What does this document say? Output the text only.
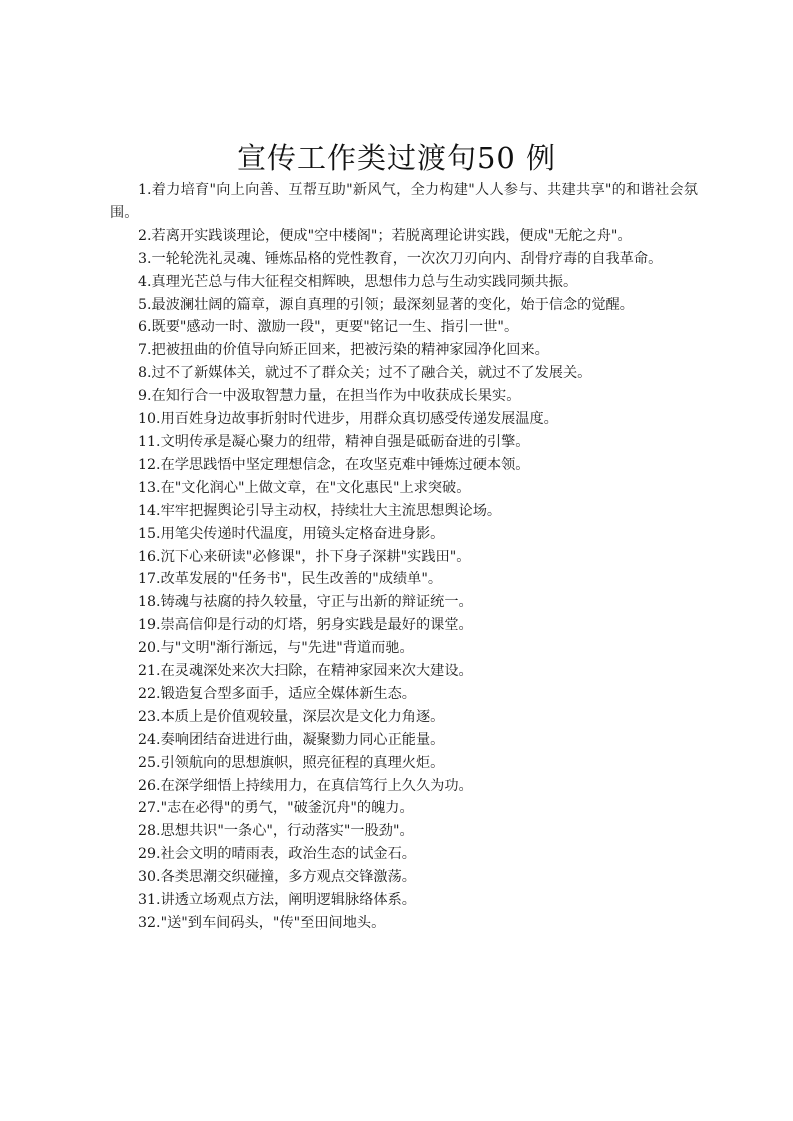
宣传工作类过渡句50 例

1.着力培育"向上向善、互帮互助"新风气，全力构建"人人参与、共建共享"的和谐社会氛围。

2.若离开实践谈理论，便成"空中楼阁"；若脱离理论讲实践，便成"无舵之舟"。

3.一轮轮洗礼灵魂、锤炼品格的党性教育，一次次刀刃向内、刮骨疗毒的自我革命。

4.真理光芒总与伟大征程交相辉映，思想伟力总与生动实践同频共振。

5.最波澜壮阔的篇章，源自真理的引领；最深刻显著的变化，始于信念的觉醒。

6.既要"感动一时、激励一段"，更要"铭记一生、指引一世"。

7.把被扭曲的价值导向矫正回来，把被污染的精神家园净化回来。

8.过不了新媒体关，就过不了群众关；过不了融合关，就过不了发展关。

9.在知行合一中汲取智慧力量，在担当作为中收获成长果实。

10.用百姓身边故事折射时代进步，用群众真切感受传递发展温度。

11.文明传承是凝心聚力的纽带，精神自强是砥砺奋进的引擎。

12.在学思践悟中坚定理想信念，在攻坚克难中锤炼过硬本领。

13.在"文化润心"上做文章，在"文化惠民"上求突破。

14.牢牢把握舆论引导主动权，持续壮大主流思想舆论场。

15.用笔尖传递时代温度，用镜头定格奋进身影。

16.沉下心来研读"必修课"，扑下身子深耕"实践田"。

17.改革发展的"任务书"，民生改善的"成绩单"。

18.铸魂与祛腐的持久较量，守正与出新的辩证统一。

19.崇高信仰是行动的灯塔，躬身实践是最好的课堂。

20.与"文明"渐行渐远，与"先进"背道而驰。

21.在灵魂深处来次大扫除，在精神家园来次大建设。

22.锻造复合型多面手，适应全媒体新生态。

23.本质上是价值观较量，深层次是文化力角逐。

24.奏响团结奋进进行曲，凝聚勠力同心正能量。

25.引领航向的思想旗帜，照亮征程的真理火炬。

26.在深学细悟上持续用力，在真信笃行上久久为功。

27."志在必得"的勇气，"破釜沉舟"的魄力。

28.思想共识"一条心"，行动落实"一股劲"。

29.社会文明的晴雨表，政治生态的试金石。

30.各类思潮交织碰撞，多方观点交锋激荡。

31.讲透立场观点方法，阐明逻辑脉络体系。

32."送"到车间码头，"传"至田间地头。
